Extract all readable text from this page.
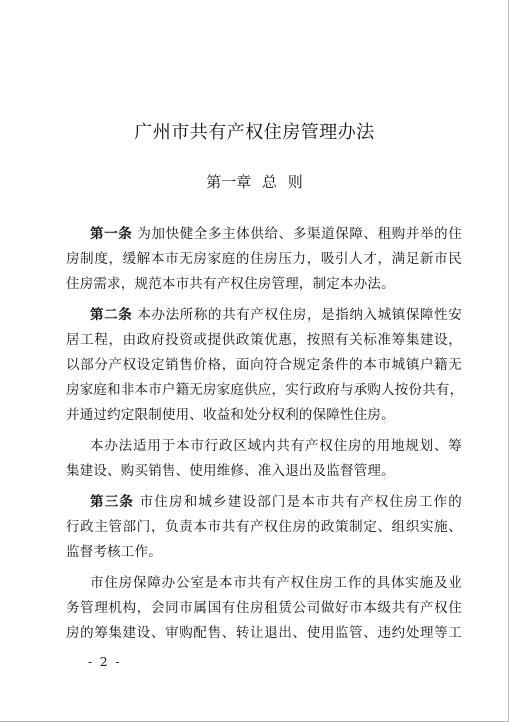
广州市共有产权住房管理办法
第一章 总 则
第一条 为加快健全多主体供给、多渠道保障、租购并举的住
房制度，缓解本市无房家庭的住房压力，吸引人才，满足新市民
住房需求，规范本市共有产权住房管理，制定本办法。
第二条 本办法所称的共有产权住房，是指纳入城镇保障性安
居工程，由政府投资或提供政策优惠，按照有关标准筹集建设，
以部分产权设定销售价格，面向符合规定条件的本市城镇户籍无
房家庭和非本市户籍无房家庭供应，实行政府与承购人按份共有，
并通过约定限制使用、收益和处分权利的保障性住房。
本办法适用于本市行政区域内共有产权住房的用地规划、筹
集建设、购买销售、使用维修、准入退出及监督管理。
第三条 市住房和城乡建设部门是本市共有产权住房工作的
行政主管部门，负责本市共有产权住房的政策制定、组织实施、
监督考核工作。
市住房保障办公室是本市共有产权住房工作的具体实施及业
务管理机构，会同市属国有住房租赁公司做好市本级共有产权住
房的筹集建设、审购配售、转让退出、使用监管、违约处理等工
- 2 -
